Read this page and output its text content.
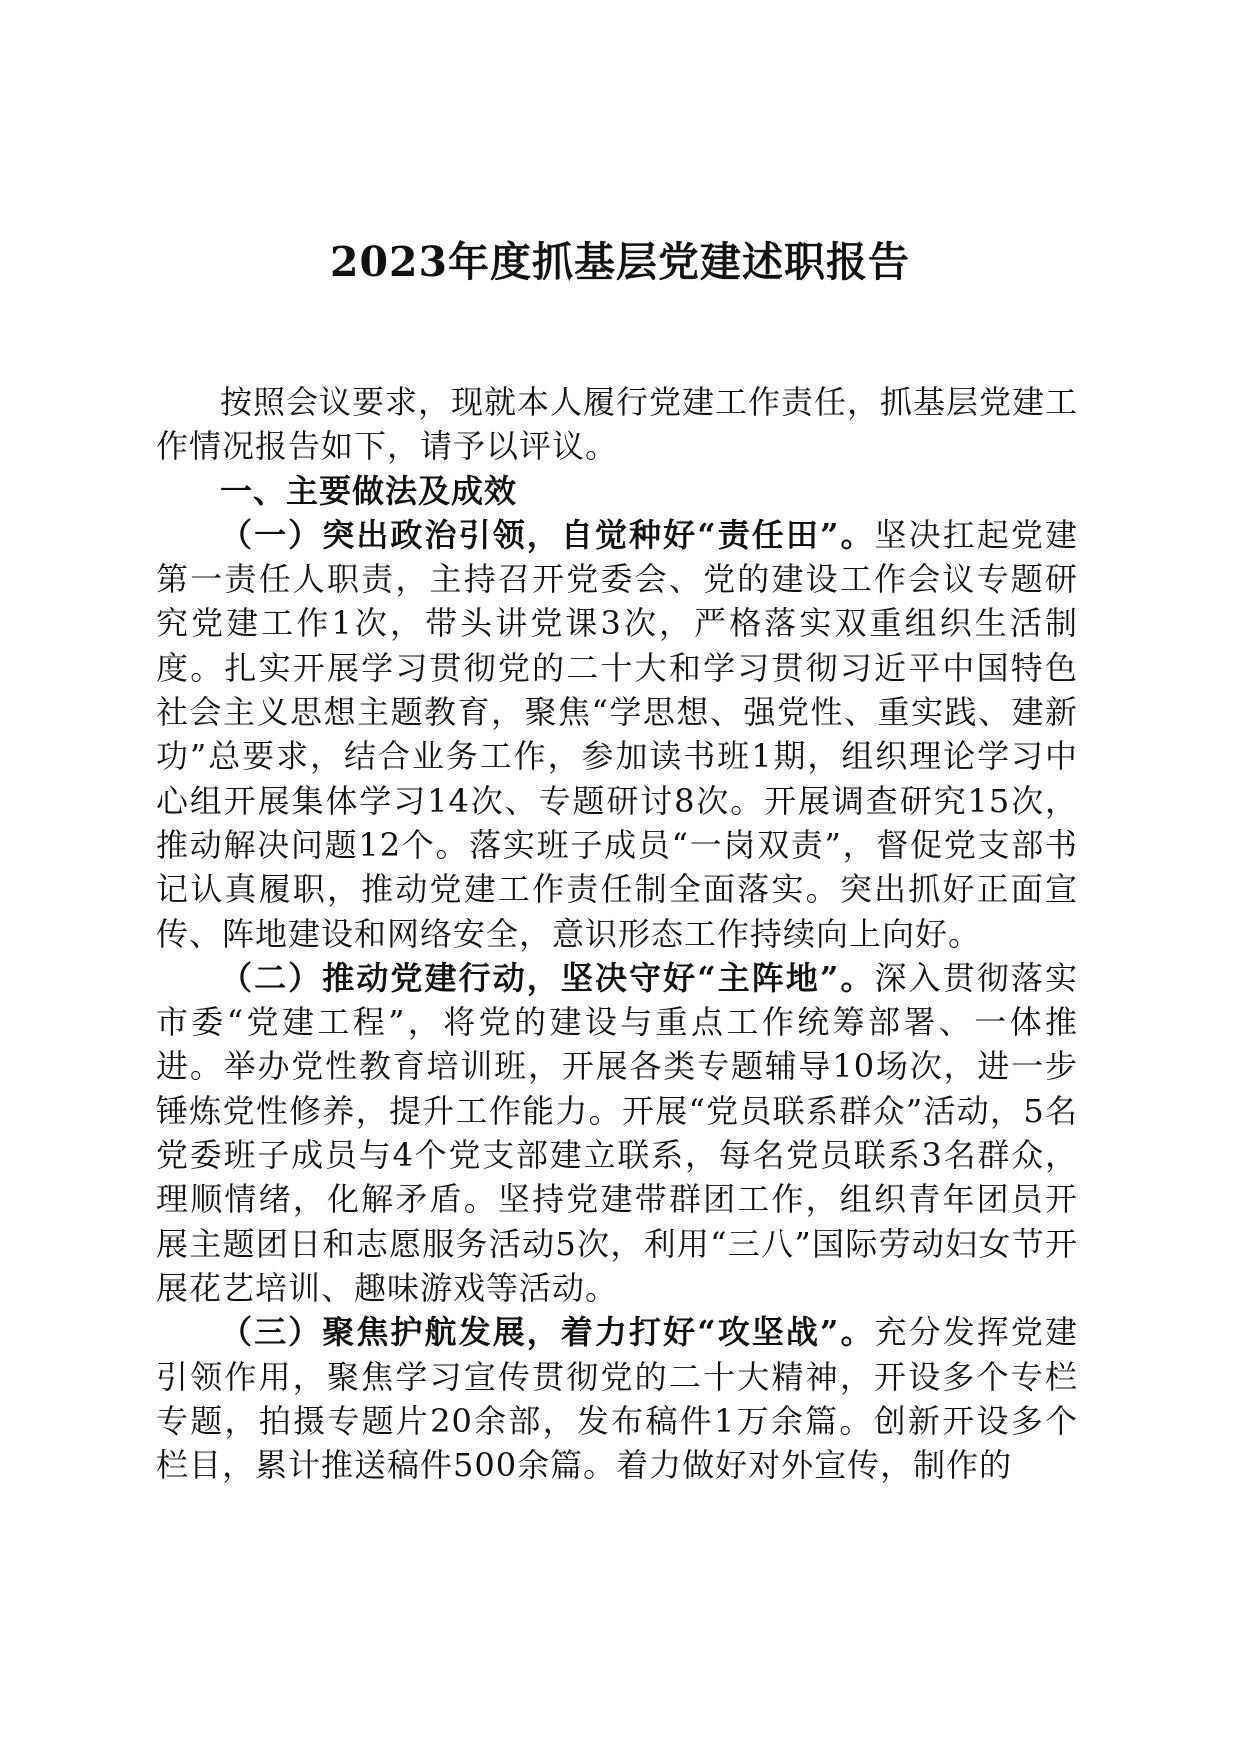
2023年度抓基层党建述职报告

按照会议要求，现就本人履行党建工作责任，抓基层党建工作情况报告如下，请予以评议。

一、主要做法及成效

（一）突出政治引领，自觉种好“责任田”。坚决扛起党建第一责任人职责，主持召开党委会、党的建设工作会议专题研究党建工作1次，带头讲党课3次，严格落实双重组织生活制度。扎实开展学习贯彻党的二十大和学习贯彻习近平中国特色社会主义思想主题教育，聚焦“学思想、强党性、重实践、建新功”总要求，结合业务工作，参加读书班1期，组织理论学习中心组开展集体学习14次、专题研讨8次。开展调查研究15次，推动解决问题12个。落实班子成员“一岗双责”，督促党支部书记认真履职，推动党建工作责任制全面落实。突出抓好正面宣传、阵地建设和网络安全，意识形态工作持续向上向好。

（二）推动党建行动，坚决守好“主阵地”。深入贯彻落实市委“党建工程”，将党的建设与重点工作统筹部署、一体推进。举办党性教育培训班，开展各类专题辅导10场次，进一步锤炼党性修养，提升工作能力。开展“党员联系群众”活动，5名党委班子成员与4个党支部建立联系，每名党员联系3名群众，理顺情绪，化解矛盾。坚持党建带群团工作，组织青年团员开展主题团日和志愿服务活动5次，利用“三八”国际劳动妇女节开展花艺培训、趣味游戏等活动。

（三）聚焦护航发展，着力打好“攻坚战”。充分发挥党建引领作用，聚焦学习宣传贯彻党的二十大精神，开设多个专栏专题，拍摄专题片20余部，发布稿件1万余篇。创新开设多个栏目，累计推送稿件500余篇。着力做好对外宣传，制作的
